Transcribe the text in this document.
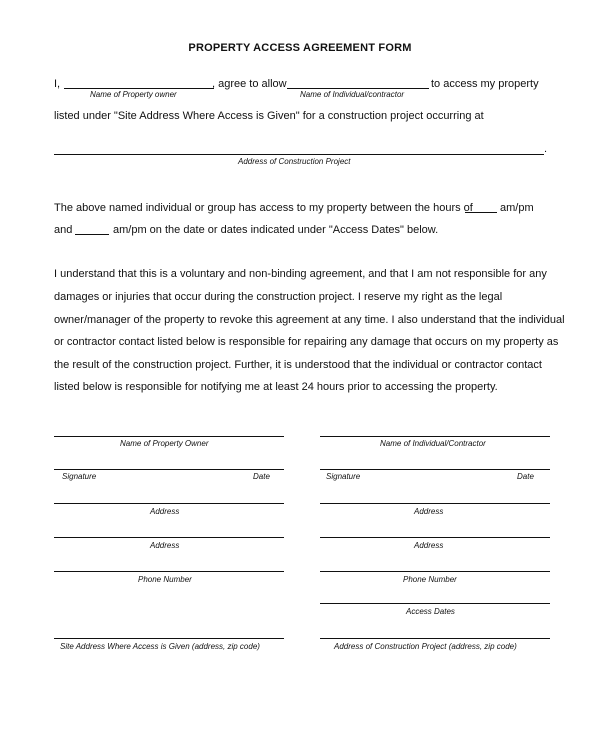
PROPERTY ACCESS AGREEMENT FORM
I,	, agree to allow	to access my property
Name of Property owner	Name of Individual/contractor
listed under "Site Address Where Access is Given" for a construction project occurring at
.
Address of Construction Project
The above named individual or group has access to my property between the hours of am/pm
and	am/pm on the date or dates indicated under "Access Dates" below.
I understand that this is a voluntary and non-binding agreement, and that I am not responsible for any
damages or injuries that occur during the construction project. I reserve my right as the legal
owner/manager of the property to revoke this agreement at any time. I also understand that the individual
or contractor contact listed below is responsible for repairing any damage that occurs on my property as
the result of the construction project. Further, it is understood that the individual or contractor contact
listed below is responsible for notifying me at least 24 hours prior to accessing the property.
Name of Property Owner
Signature	Date
Address
Address
Phone Number
Site Address Where Access is Given (address, zip code)
Name of Individual/Contractor
Signature	Date
Address
Address
Phone Number
Access Dates
Address of Construction Project (address, zip code)
